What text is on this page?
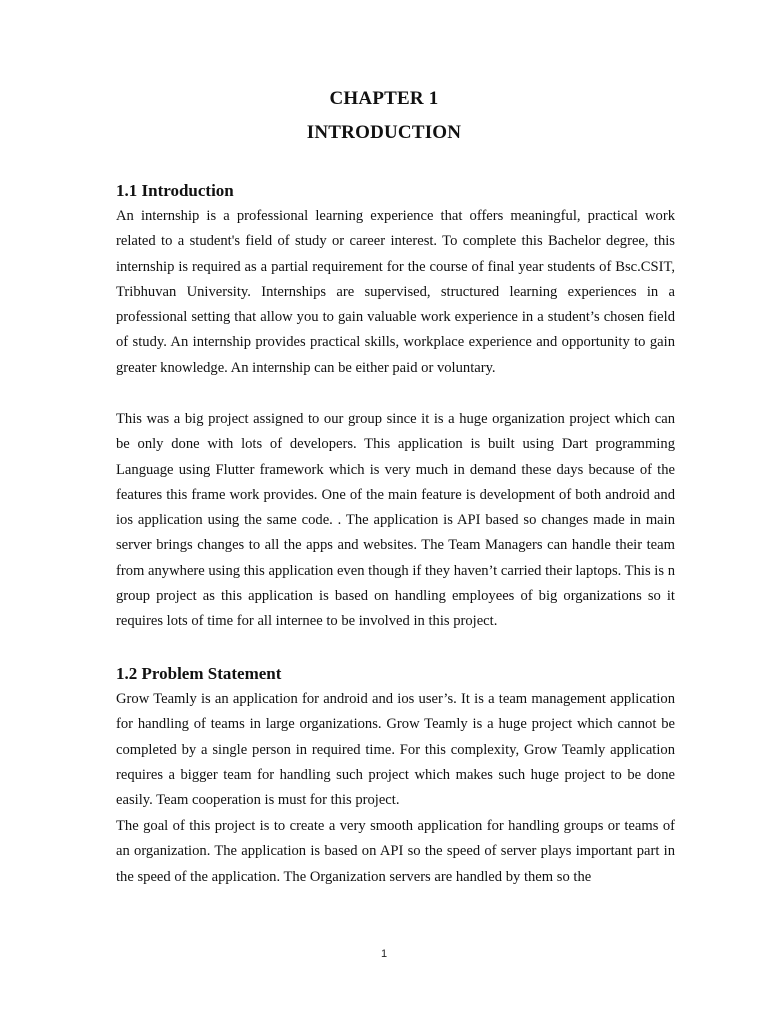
CHAPTER 1
INTRODUCTION
1.1 Introduction

An internship is a professional learning experience that offers meaningful, practical work related to a student's field of study or career interest. To complete this Bachelor degree, this internship is required as a partial requirement for the course of final year students of Bsc.CSIT, Tribhuvan University. Internships are supervised, structured learning experiences in a professional setting that allow you to gain valuable work experience in a student’s chosen field of study. An internship provides practical skills, workplace experience and opportunity to gain greater knowledge. An internship can be either paid or voluntary.

This was a big project assigned to our group since it is a huge organization project which can be only done with lots of developers. This application is built using Dart programming Language using Flutter framework which is very much in demand these days because of the features this frame work provides. One of the main feature is development of both android and ios application using the same code. . The application is API based so changes made in main server brings changes to all the apps and websites. The Team Managers can handle their team from anywhere using this application even though if they haven’t carried their laptops. This is n group project as this application is based on handling employees of big organizations so it requires lots of time for all internee to be involved in this project.

1.2 Problem Statement

Grow Teamly is an application for android and ios user’s. It is a team management application for handling of teams in large organizations. Grow Teamly is a huge project which cannot be completed by a single person in required time. For this complexity, Grow Teamly application requires a bigger team for handling such project which makes such huge project to be done easily. Team cooperation is must for this project.

The goal of this project is to create a very smooth application for handling groups or teams of an organization. The application is based on API so the speed of server plays important part in the speed of the application. The Organization servers are handled by them so the

1
